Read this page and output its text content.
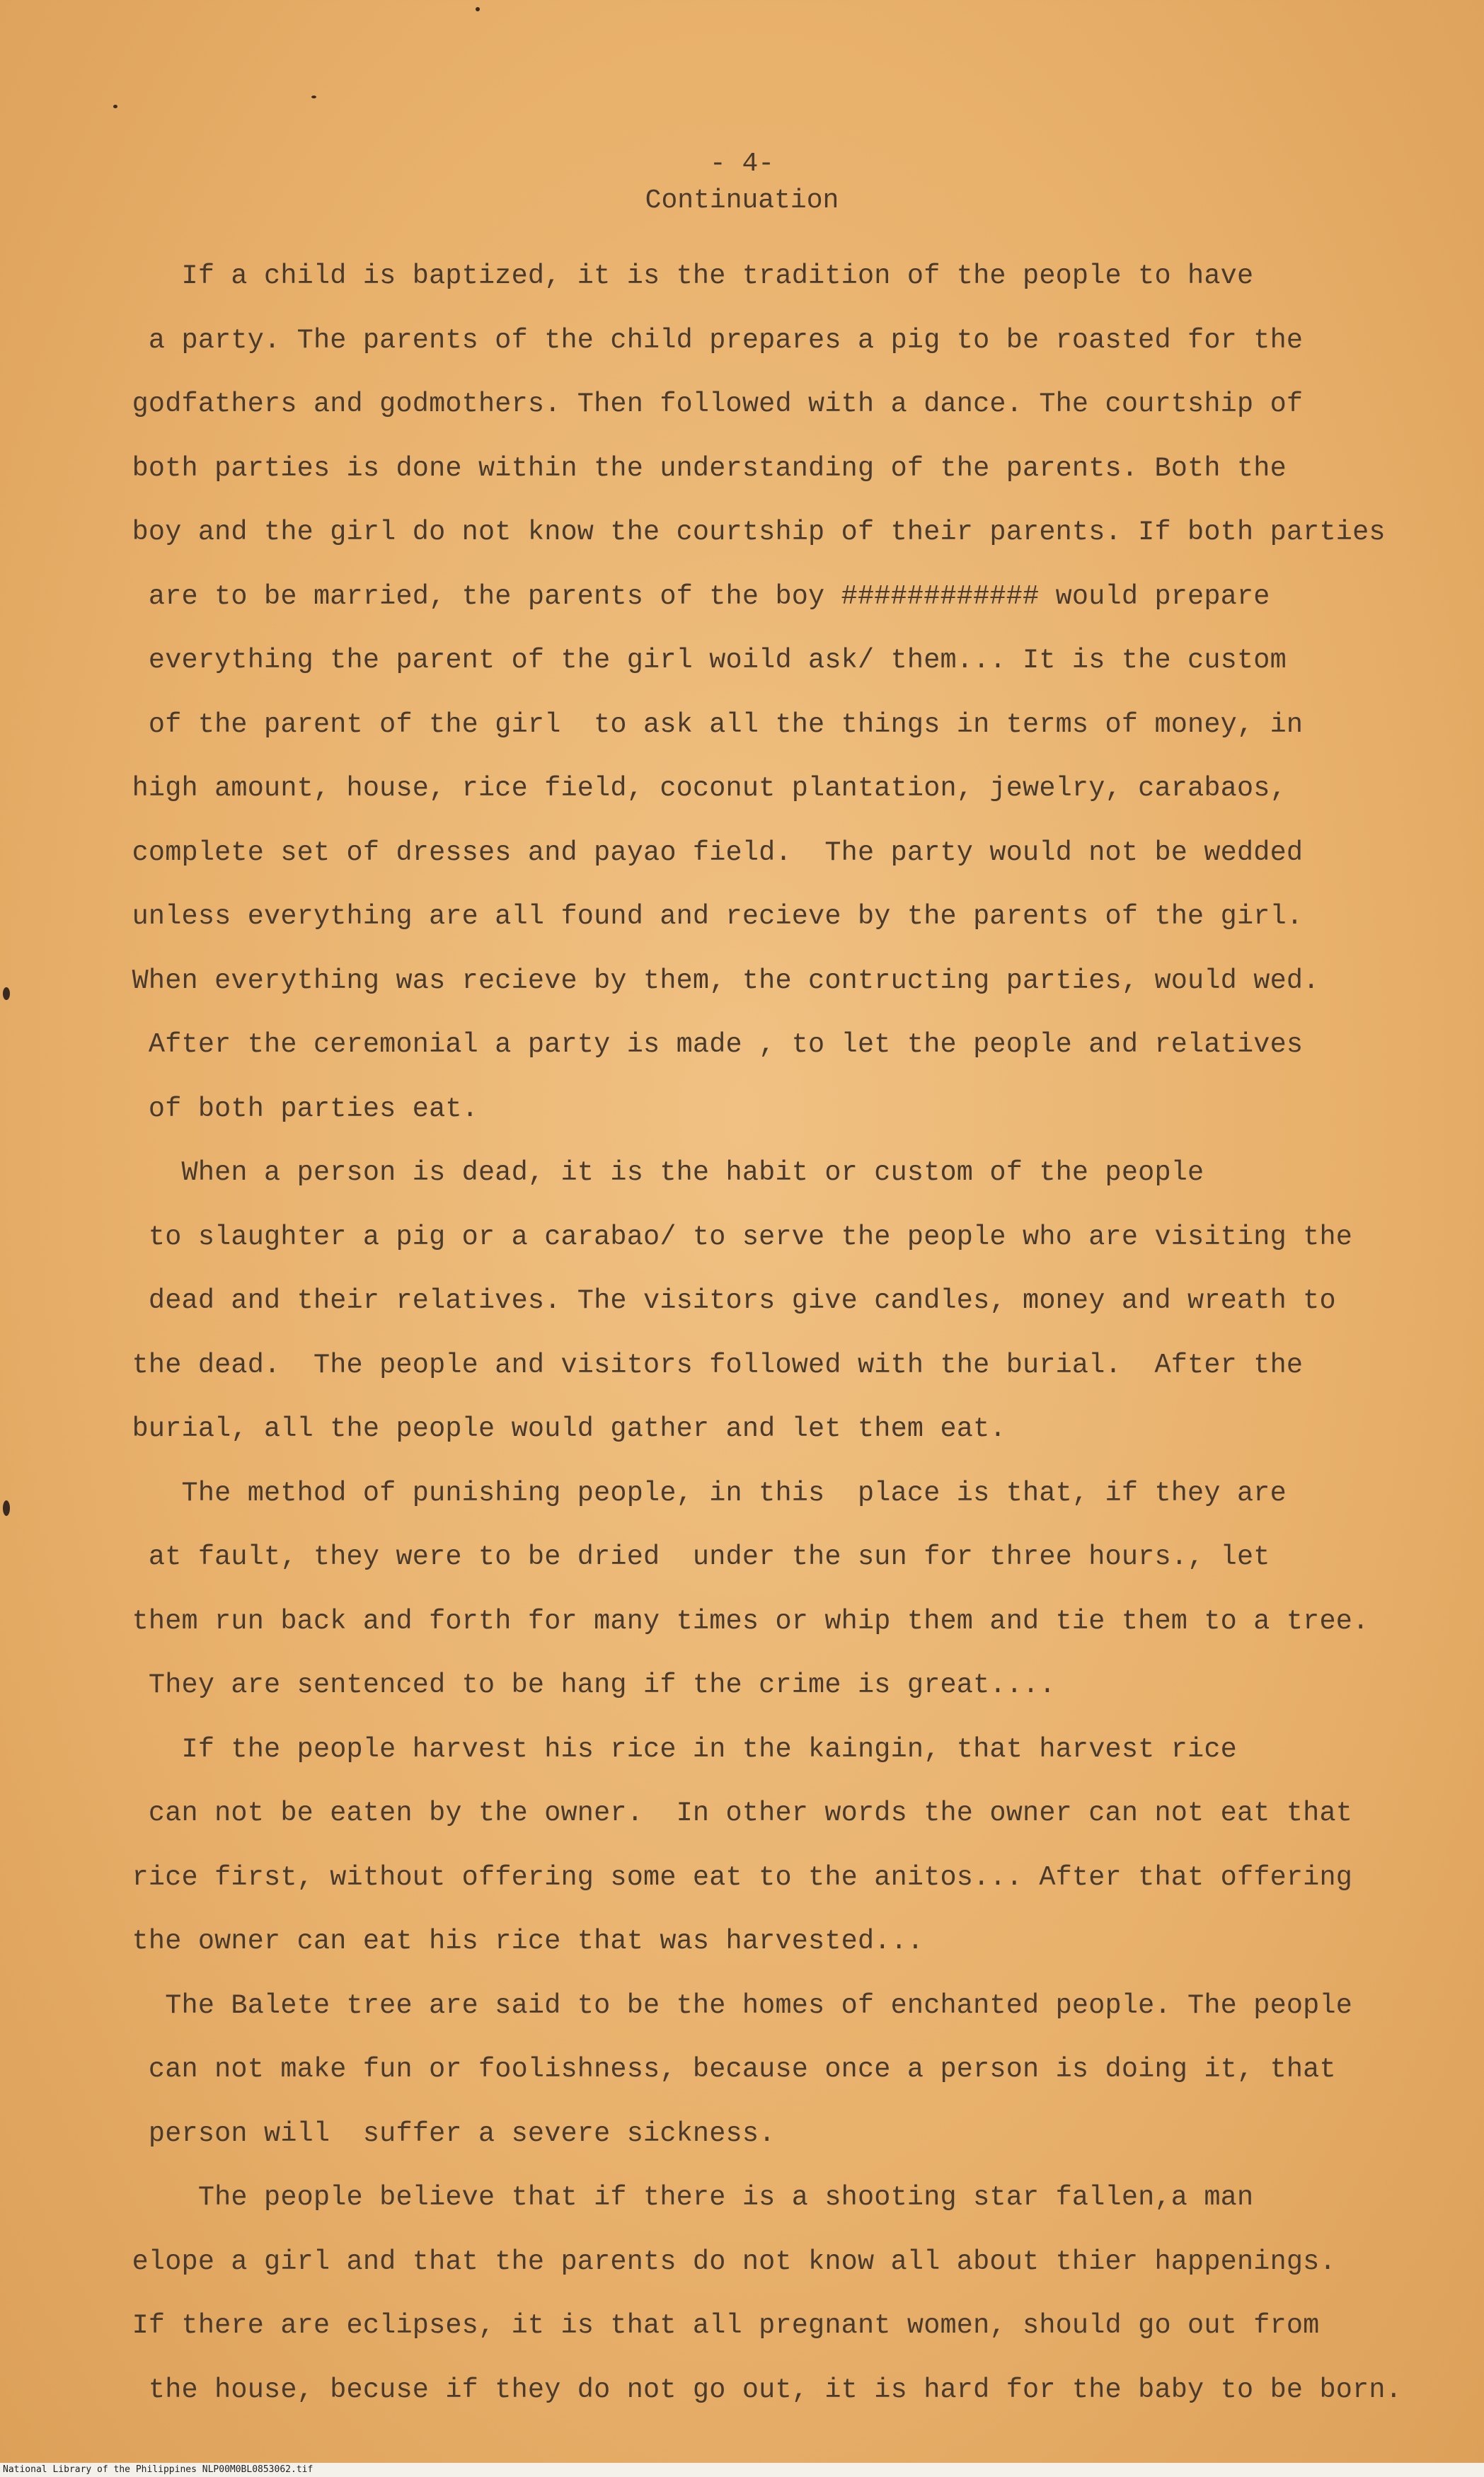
- 4-
Continuation
If a child is baptized, it is the tradition of the people to have
a party. The parents of the child prepares a pig to be roasted for the
godfathers and godmothers. Then followed with a dance. The courtship of
both parties is done within the understanding of the parents. Both the
boy and the girl do not know the courtship of their parents. If both parties
are to be married, the parents of the boy ############ would prepare
everything the parent of the girl woild ask/ them... It is the custom
of the parent of the girl  to ask all the things in terms of money, in
high amount, house, rice field, coconut plantation, jewelry, carabaos,
complete set of dresses and payao field.  The party would not be wedded
unless everything are all found and recieve by the parents of the girl.
When everything was recieve by them, the contructing parties, would wed.
After the ceremonial a party is made , to let the people and relatives
of both parties eat.
When a person is dead, it is the habit or custom of the people
to slaughter a pig or a carabao/ to serve the people who are visiting the
dead and their relatives. The visitors give candles, money and wreath to
the dead.  The people and visitors followed with the burial.  After the
burial, all the people would gather and let them eat.
The method of punishing people, in this  place is that, if they are
at fault, they were to be dried  under the sun for three hours., let
them run back and forth for many times or whip them and tie them to a tree.
They are sentenced to be hang if the crime is great....
If the people harvest his rice in the kaingin, that harvest rice
can not be eaten by the owner.  In other words the owner can not eat that
rice first, without offering some eat to the anitos... After that offering
the owner can eat his rice that was harvested...
The Balete tree are said to be the homes of enchanted people. The people
can not make fun or foolishness, because once a person is doing it, that
person will  suffer a severe sickness.
The people believe that if there is a shooting star fallen,a man
elope a girl and that the parents do not know all about thier happenings.
If there are eclipses, it is that all pregnant women, should go out from
the house, becuse if they do not go out, it is hard for the baby to be born.
National Library of the Philippines NLP00M0BL0853062.tif
